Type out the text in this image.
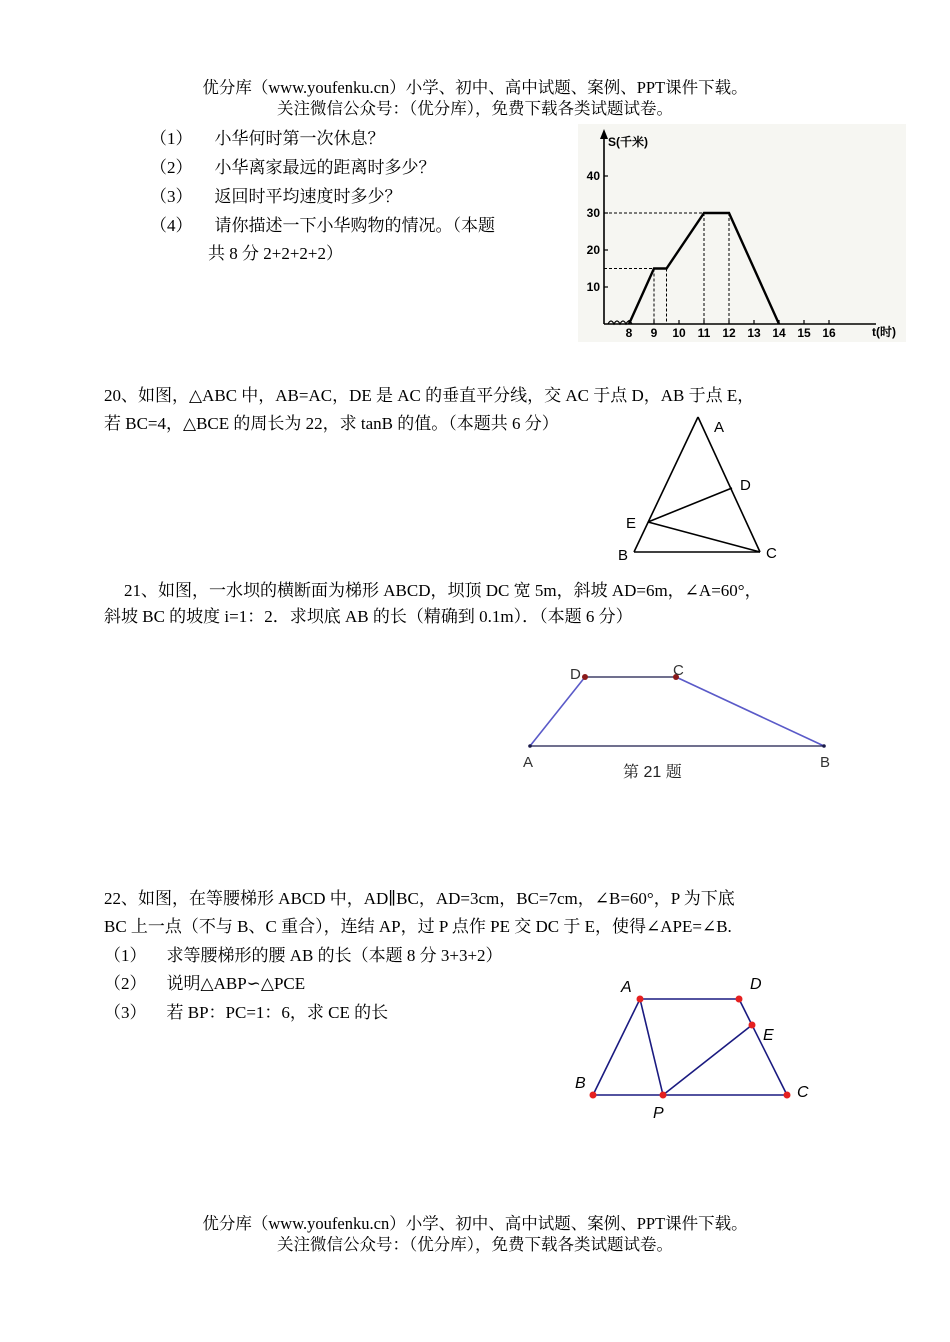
优分库（www.youfenku.cn）小学、初中、高中试题、案例、PPT课件下载。
关注微信公众号：（优分库），免费下载各类试题试卷。
（1） 小华何时第一次休息？
（2） 小华离家最远的距离时多少？
（3） 返回时平均速度时多少？
（4） 请你描述一下小华购物的情况。（本题
共 8 分 2+2+2+2）
S(千米)
t(时)
10
20
30
40
8 9 10 11 12 13 14 15 16
20、如图，△ABC 中，AB=AC，DE 是 AC 的垂直平分线，交 AC 于点 D，AB 于点 E，
若 BC=4，△BCE 的周长为 22，求 tanB 的值。（本题共 6 分）	A
D
E
B	C
21、如图，一水坝的横断面为梯形 ABCD，坝顶 DC 宽 5m，斜坡 AD=6m，∠A=60°，
斜坡 BC 的坡度 i=1：2．求坝底 AB 的长（精确到 0.1m）．（本题 6 分）
D	C
A	B
第 21 题
22、如图，在等腰梯形 ABCD 中，AD∥BC，AD=3cm，BC=7cm，∠B=60°，P 为下底
BC 上一点（不与 B、C 重合），连结 AP，过 P 点作 PE 交 DC 于 E，使得∠APE=∠B.
（1） 求等腰梯形的腰 AB 的长（本题 8 分 3+3+2）
（2） 说明△ABP∽△PCE
（3） 若 BP：PC=1：6，求 CE 的长
A	D
E
B
P
C
优分库（www.youfenku.cn）小学、初中、高中试题、案例、PPT课件下载。
关注微信公众号：（优分库），免费下载各类试题试卷。
